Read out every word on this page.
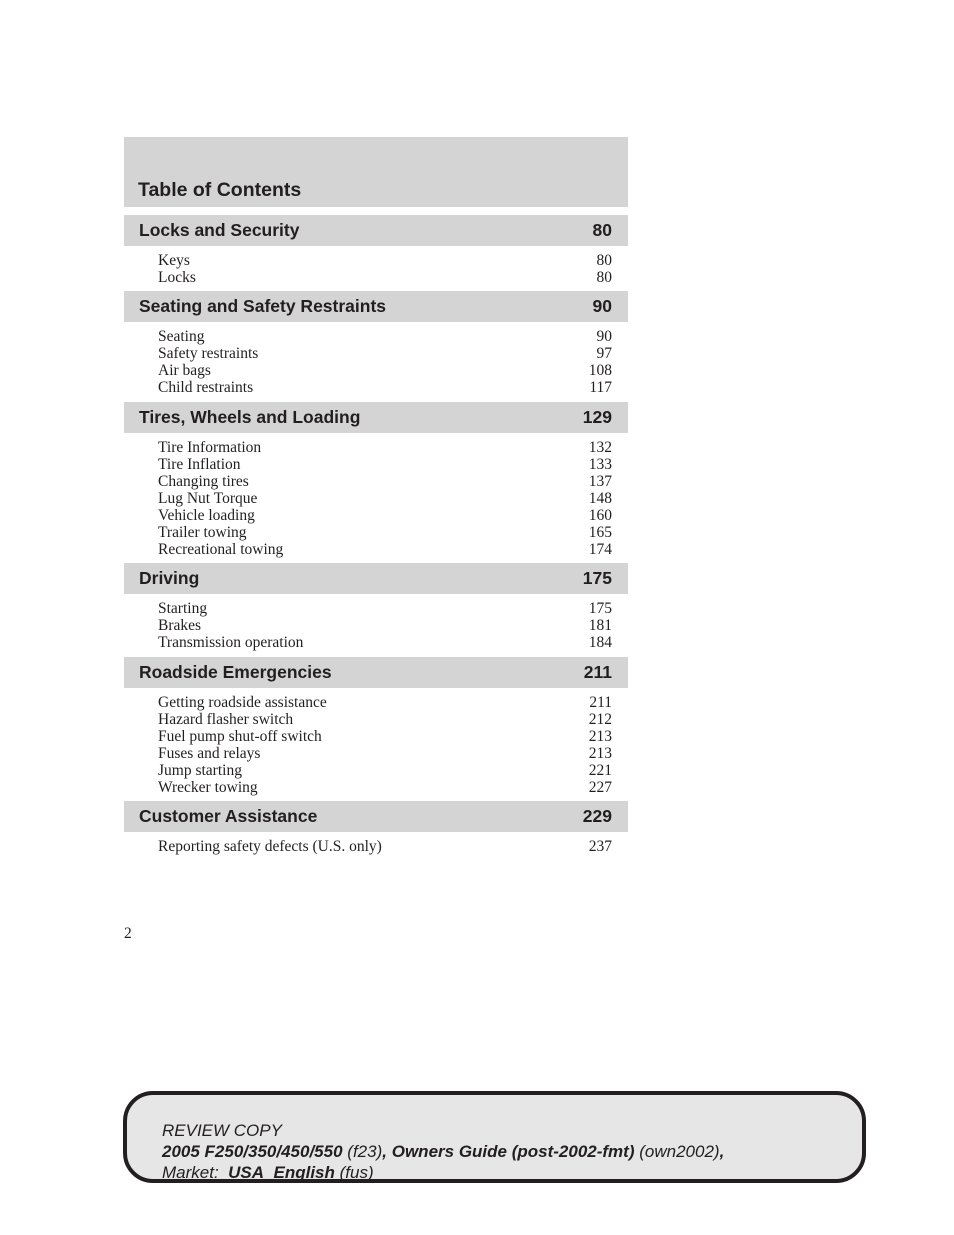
Table of Contents
Locks and Security	80
Keys	80
Locks	80
Seating and Safety Restraints	90
Seating	90
Safety restraints	97
Air bags	108
Child restraints	117
Tires, Wheels and Loading	129
Tire Information	132
Tire Inflation	133
Changing tires	137
Lug Nut Torque	148
Vehicle loading	160
Trailer towing	165
Recreational towing	174
Driving	175
Starting	175
Brakes	181
Transmission operation	184
Roadside Emergencies	211
Getting roadside assistance	211
Hazard flasher switch	212
Fuel pump shut-off switch	213
Fuses and relays	213
Jump starting	221
Wrecker towing	227
Customer Assistance	229
Reporting safety defects (U.S. only)	237
2
REVIEW COPY
2005 F250/350/450/550 (f23), Owners Guide (post-2002-fmt) (own2002),
Market: USA_English (fus)
